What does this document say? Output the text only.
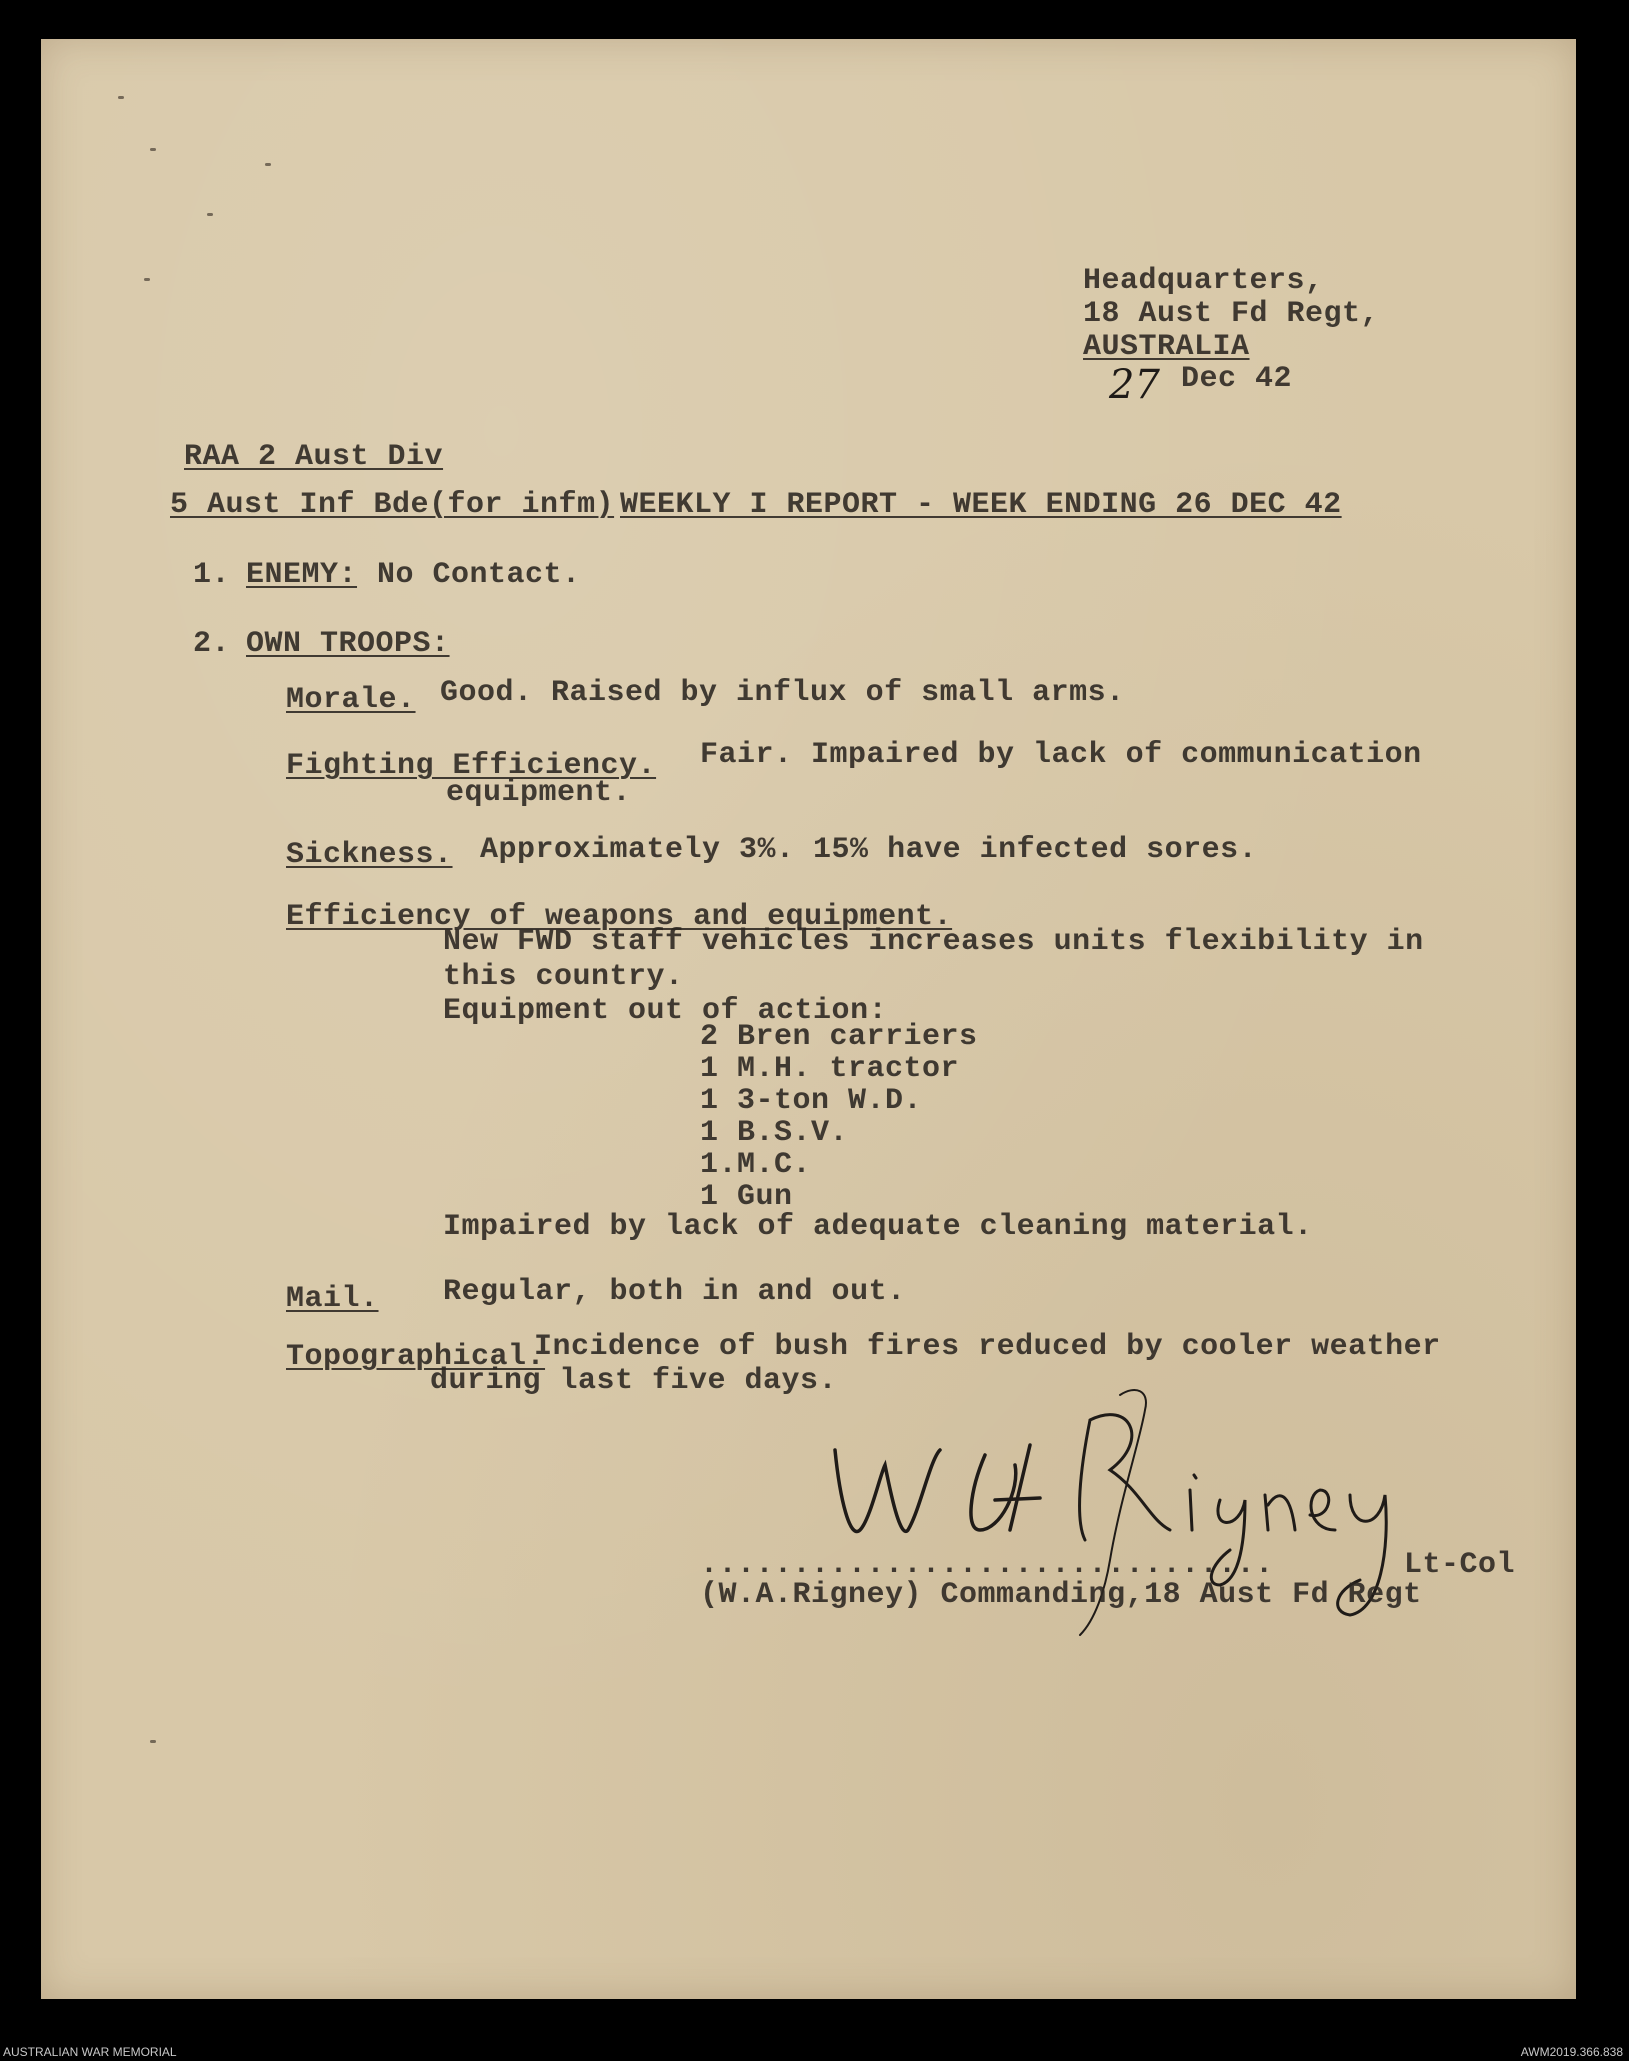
Headquarters,
18 Aust Fd Regt,
AUSTRALIA
27 Dec 42
RAA 2 Aust Div
5 Aust Inf Bde(for infm) WEEKLY I REPORT - WEEK ENDING 26 DEC 42
1. ENEMY: No Contact.
2. OWN TROOPS:
Morale. Good. Raised by influx of small arms.
Fighting Efficiency. Fair. Impaired by lack of communication
equipment.
Sickness. Approximately 3%. 15% have infected sores.
Efficiency of weapons and equipment.
New FWD staff vehicles increases units flexibility in
this country.
Equipment out of action:
2 Bren carriers
1 M.H. tractor
1 3-ton W.D.
1 B.S.V.
1.M.C.
1 Gun
Impaired by lack of adequate cleaning material.
Mail. Regular, both in and out.
Topographical.
Incidence of bush fires reduced by cooler weather
during last five days.
...............................	Lt-Col
(W.A.Rigney) Commanding,18 Aust Fd Regt
AUSTRALIAN WAR MEMORIAL	AWM2019.366.838
